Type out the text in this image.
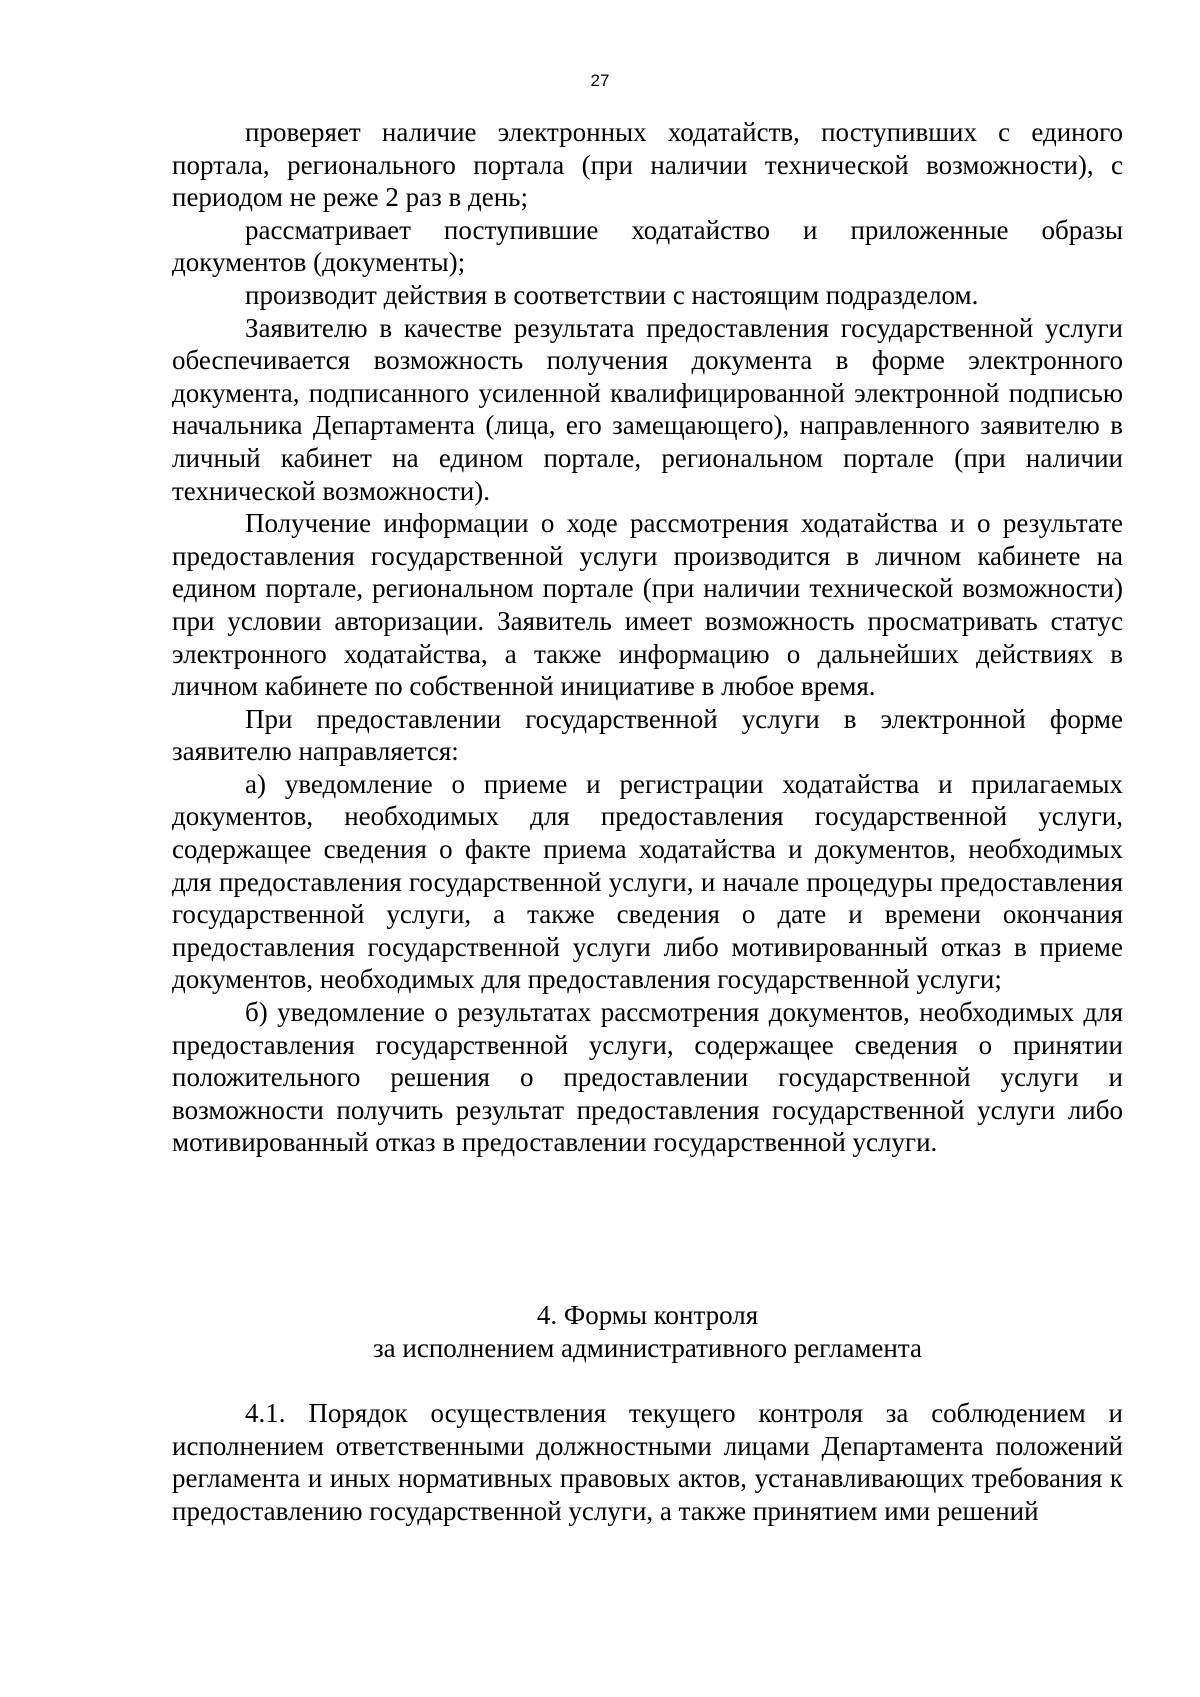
27

проверяет наличие электронных ходатайств, поступивших с единого портала, регионального портала (при наличии технической возможности), с периодом не реже 2 раз в день;

рассматривает поступившие ходатайство и приложенные образы документов (документы);

производит действия в соответствии с настоящим подразделом.

Заявителю в качестве результата предоставления государственной услуги обеспечивается возможность получения документа в форме электронного документа, подписанного усиленной квалифицированной электронной подписью начальника Департамента (лица, его замещающего), направленного заявителю в личный кабинет на едином портале, региональном портале (при наличии технической возможности).

Получение информации о ходе рассмотрения ходатайства и о результате предоставления государственной услуги производится в личном кабинете на едином портале, региональном портале (при наличии технической возможности) при условии авторизации. Заявитель имеет возможность просматривать статус электронного ходатайства, а также информацию о дальнейших действиях в личном кабинете по собственной инициативе в любое время.

При предоставлении государственной услуги в электронной форме заявителю направляется:

а) уведомление о приеме и регистрации ходатайства и прилагаемых документов, необходимых для предоставления государственной услуги, содержащее сведения о факте приема ходатайства и документов, необходимых для предоставления государственной услуги, и начале процедуры предоставления государственной услуги, а также сведения о дате и времени окончания предоставления государственной услуги либо мотивированный отказ в приеме документов, необходимых для предоставления государственной услуги;

б) уведомление о результатах рассмотрения документов, необходимых для предоставления государственной услуги, содержащее сведения о принятии положительного решения о предоставлении государственной услуги и возможности получить результат предоставления государственной услуги либо мотивированный отказ в предоставлении государственной услуги.

4. Формы контроля
за исполнением административного регламента

4.1. Порядок осуществления текущего контроля за соблюдением и исполнением ответственными должностными лицами Департамента положений регламента и иных нормативных правовых актов, устанавливающих требования к предоставлению государственной услуги, а также принятием ими решений
